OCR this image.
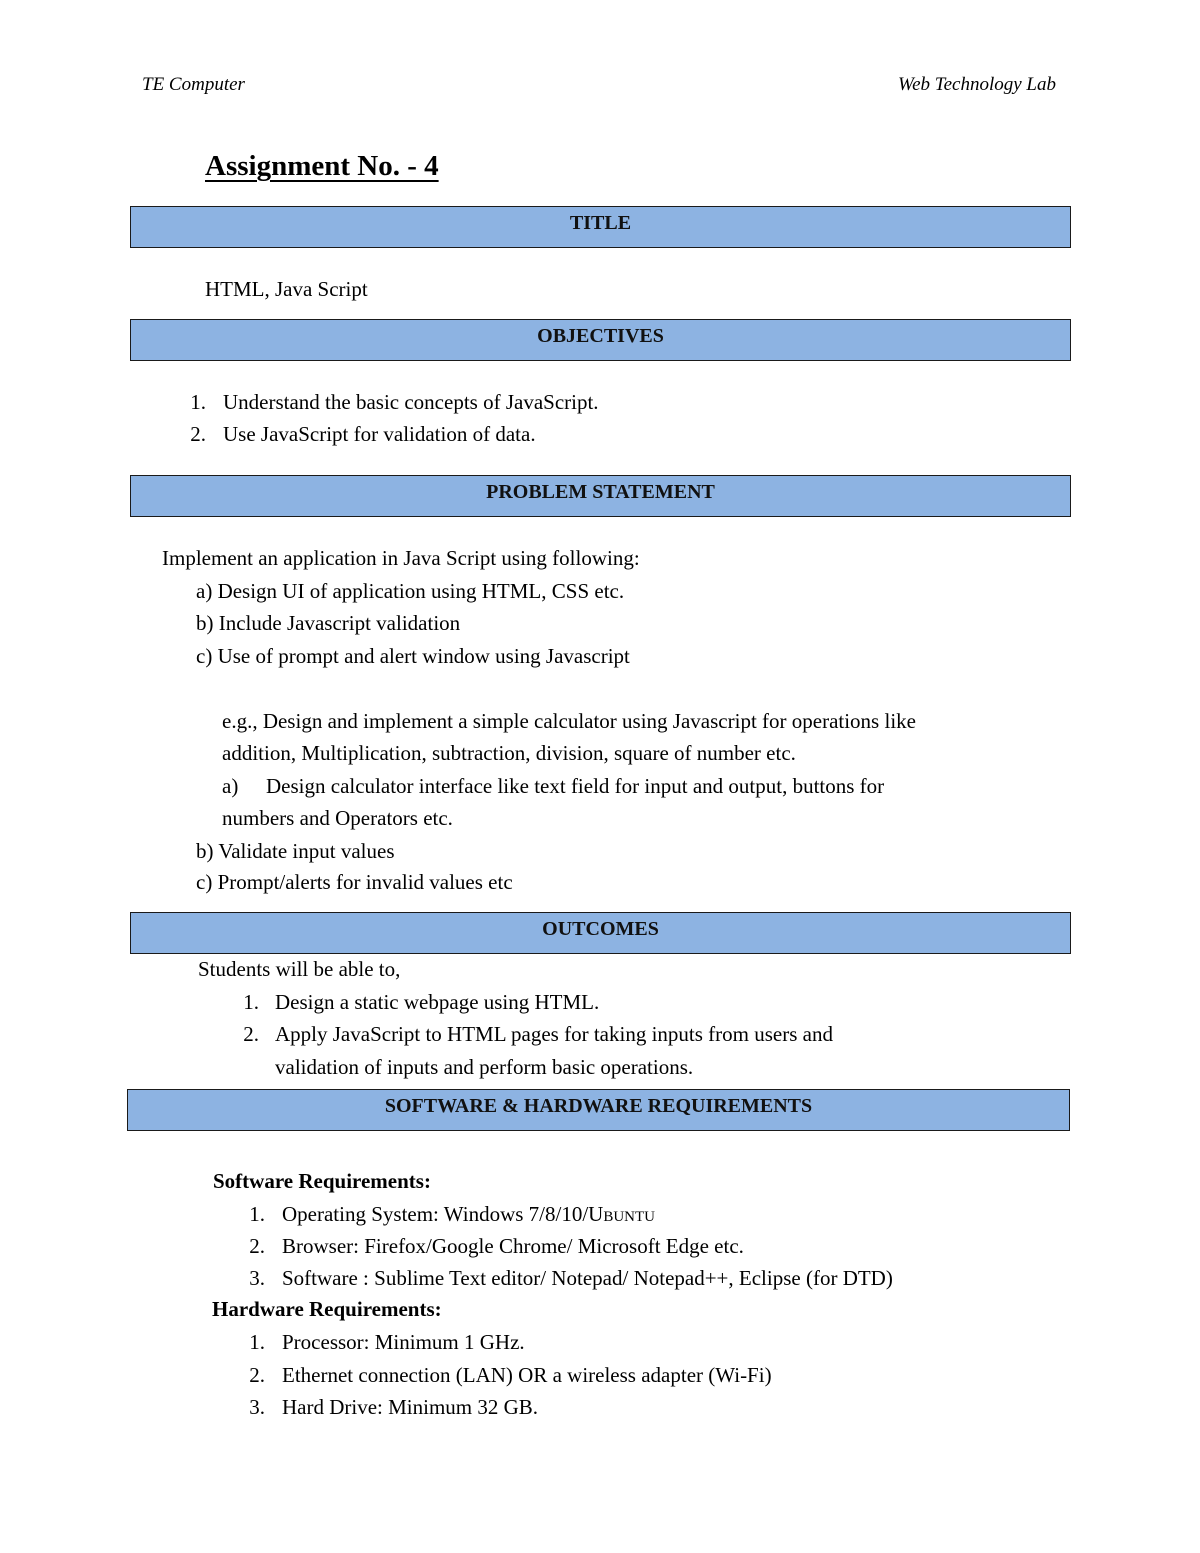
TE Computer	Web Technology Lab
Assignment No. - 4
TITLE
HTML, Java Script
OBJECTIVES
1. Understand the basic concepts of JavaScript.
2. Use JavaScript for validation of data.
PROBLEM STATEMENT
Implement an application in Java Script using following:
a) Design UI of application using HTML, CSS etc.
b) Include Javascript validation
c) Use of prompt and alert window using Javascript
e.g., Design and implement a simple calculator using Javascript for operations like
addition, Multiplication, subtraction, division, square of number etc.
a) Design calculator interface like text field for input and output, buttons for
numbers and Operators etc.
b) Validate input values
c) Prompt/alerts for invalid values etc
OUTCOMES
Students will be able to,
1. Design a static webpage using HTML.
2. Apply JavaScript to HTML pages for taking inputs from users and
validation of inputs and perform basic operations.
SOFTWARE & HARDWARE REQUIREMENTS
Software Requirements:
1. Operating System: Windows 7/8/10/Ubuntu
2. Browser: Firefox/Google Chrome/ Microsoft Edge etc.
3. Software : Sublime Text editor/ Notepad/ Notepad++, Eclipse (for DTD)
Hardware Requirements:
1. Processor: Minimum 1 GHz.
2. Ethernet connection (LAN) OR a wireless adapter (Wi-Fi)
3. Hard Drive: Minimum 32 GB.
